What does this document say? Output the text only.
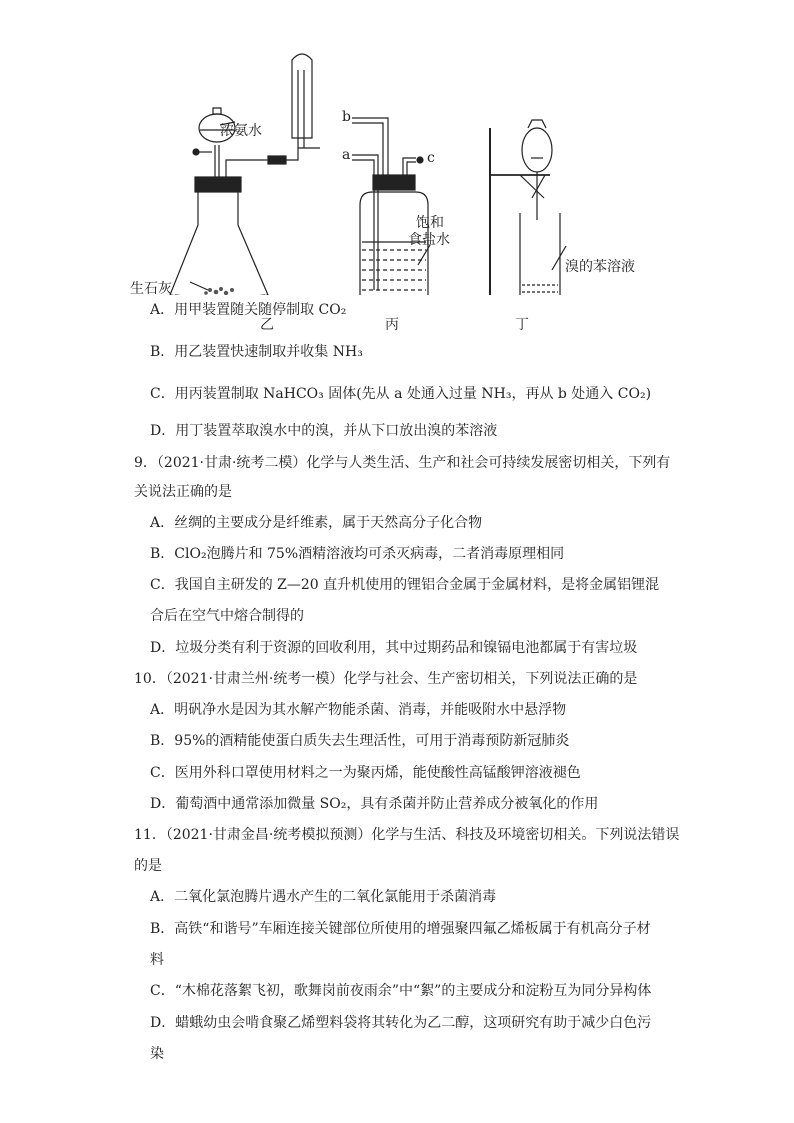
浓氨水
生石灰
乙
b
a	c
饱和
食盐水
丙
溴的苯溶液
丁
A．用甲装置随关随停制取 CO₂
B．用乙装置快速制取并收集 NH₃
C．用丙装置制取 NaHCO₃ 固体(先从 a 处通入过量 NH₃，再从 b 处通入 CO₂)
D．用丁装置萃取溴水中的溴，并从下口放出溴的苯溶液
9．（2021·甘肃·统考二模）化学与人类生活、生产和社会可持续发展密切相关，下列有
关说法正确的是
A．丝绸的主要成分是纤维素，属于天然高分子化合物
B．ClO₂泡腾片和 75%酒精溶液均可杀灭病毒，二者消毒原理相同
C．我国自主研发的 Z—20 直升机使用的锂铝合金属于金属材料，是将金属铝锂混
合后在空气中熔合制得的
D．垃圾分类有利于资源的回收利用，其中过期药品和镍镉电池都属于有害垃圾
10．（2021·甘肃兰州·统考一模）化学与社会、生产密切相关，下列说法正确的是
A．明矾净水是因为其水解产物能杀菌、消毒，并能吸附水中悬浮物
B．95%的酒精能使蛋白质失去生理活性，可用于消毒预防新冠肺炎
C．医用外科口罩使用材料之一为聚丙烯，能使酸性高锰酸钾溶液褪色
D．葡萄酒中通常添加微量 SO₂，具有杀菌并防止营养成分被氧化的作用
11．（2021·甘肃金昌·统考模拟预测）化学与生活、科技及环境密切相关。下列说法错误
的是
A．二氧化氯泡腾片遇水产生的二氧化氯能用于杀菌消毒
B．高铁“和谐号”车厢连接关键部位所使用的增强聚四氟乙烯板属于有机高分子材
料
C．“木棉花落絮飞初，歌舞岗前夜雨余”中“絮”的主要成分和淀粉互为同分异构体
D．蜡蛾幼虫会啃食聚乙烯塑料袋将其转化为乙二醇，这项研究有助于减少白色污
染
